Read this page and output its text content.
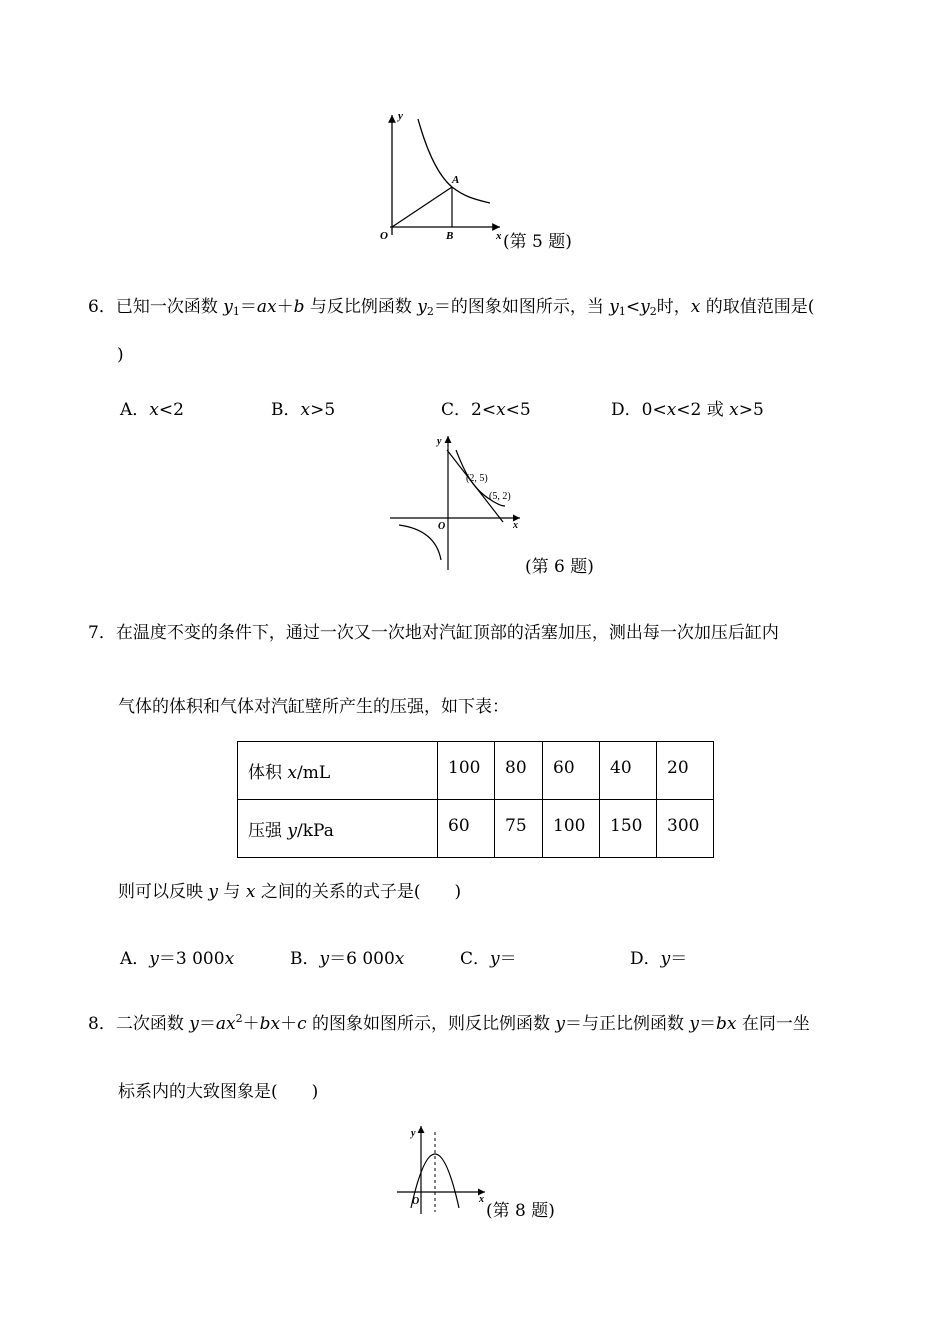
y
x
O
A
B	(第 5 题)
6．已知一次函数 $y_1=ax+b$ 与反比例函数 $y_2=$的图象如图所示，当 $y_1<y_2$时，x 的取值范围是(
)
A．x<2	B．x>5	C．2<x<5	D．0<x<2 或 x>5
y
x
O
(2, 5)
(5, 2)
(第 6 题)
7．在温度不变的条件下，通过一次又一次地对汽缸顶部的活塞加压，测出每一次加压后缸内
气体的体积和气体对汽缸壁所产生的压强，如下表：
体积 x/mL	100	80	60	40	20
压强 y/kPa	60	75	100	150	300
则可以反映 y 与 x 之间的关系的式子是(　　)
A．y＝3 000x	B．y＝6 000x	C．y＝	D．y＝
8．二次函数 $y=ax^2+bx+c$ 的图象如图所示，则反比例函数 y＝与正比例函数 y＝bx 在同一坐
标系内的大致图象是(　　)
y
x
O	(第 8 题)
